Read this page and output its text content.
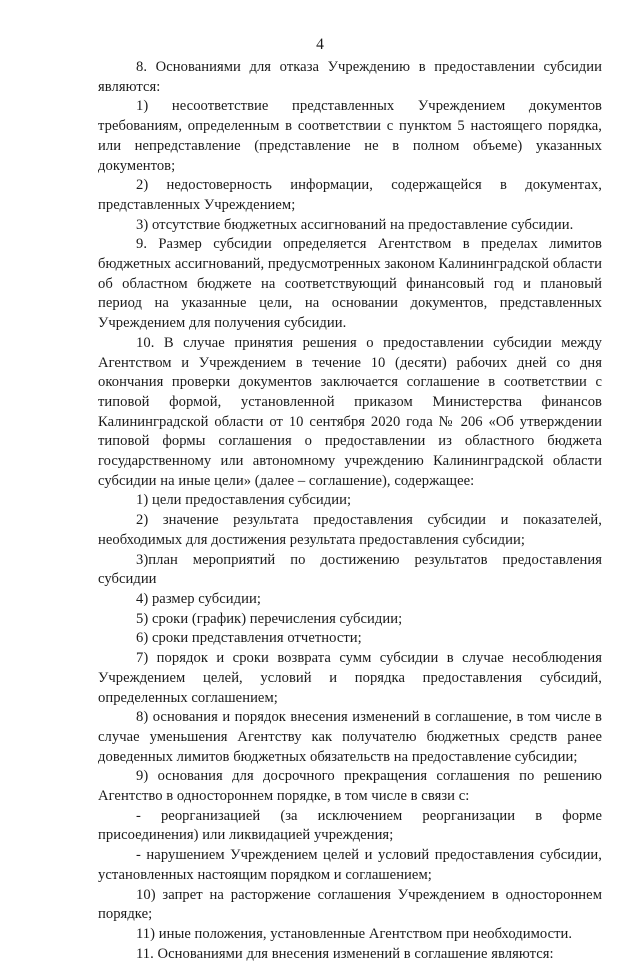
4

8. Основаниями для отказа Учреждению в предоставлении субсидии являются:

1) несоответствие представленных Учреждением документов требованиям, определенным в соответствии с пунктом 5 настоящего порядка, или непредставление (представление не в полном объеме) указанных документов;

2) недостоверность информации, содержащейся в документах, представленных Учреждением;

3) отсутствие бюджетных ассигнований на предоставление субсидии.

9. Размер субсидии определяется Агентством в пределах лимитов бюджетных ассигнований, предусмотренных законом Калининградской области об областном бюджете на соответствующий финансовый год и плановый период на указанные цели, на основании документов, представленных Учреждением для получения субсидии.

10. В случае принятия решения о предоставлении субсидии между Агентством и Учреждением в течение 10 (десяти) рабочих дней со дня окончания проверки документов заключается соглашение в соответствии с типовой формой, установленной приказом Министерства финансов Калининградской области от 10 сентября 2020 года № 206 «Об утверждении типовой формы соглашения о предоставлении из областного бюджета государственному или автономному учреждению Калининградской области субсидии на иные цели» (далее – соглашение), содержащее:

1) цели предоставления субсидии;

2) значение результата предоставления субсидии и показателей, необходимых для достижения результата предоставления субсидии;

3)план мероприятий по достижению результатов предоставления субсидии

4) размер субсидии;

5) сроки (график) перечисления субсидии;

6) сроки представления отчетности;

7) порядок и сроки возврата сумм субсидии в случае несоблюдения Учреждением целей, условий и порядка предоставления субсидий, определенных соглашением;

8) основания и порядок внесения изменений в соглашение, в том числе в случае уменьшения Агентству как получателю бюджетных средств ранее доведенных лимитов бюджетных обязательств на предоставление субсидии;

9) основания для досрочного прекращения соглашения по решению Агентство в одностороннем порядке, в том числе в связи с:

- реорганизацией (за исключением реорганизации в форме присоединения) или ликвидацией учреждения;

- нарушением Учреждением целей и условий предоставления субсидии, установленных настоящим порядком и соглашением;

10) запрет на расторжение соглашения Учреждением в одностороннем порядке;

11) иные положения, установленные Агентством при необходимости.

11. Основаниями для внесения изменений в соглашение являются:
